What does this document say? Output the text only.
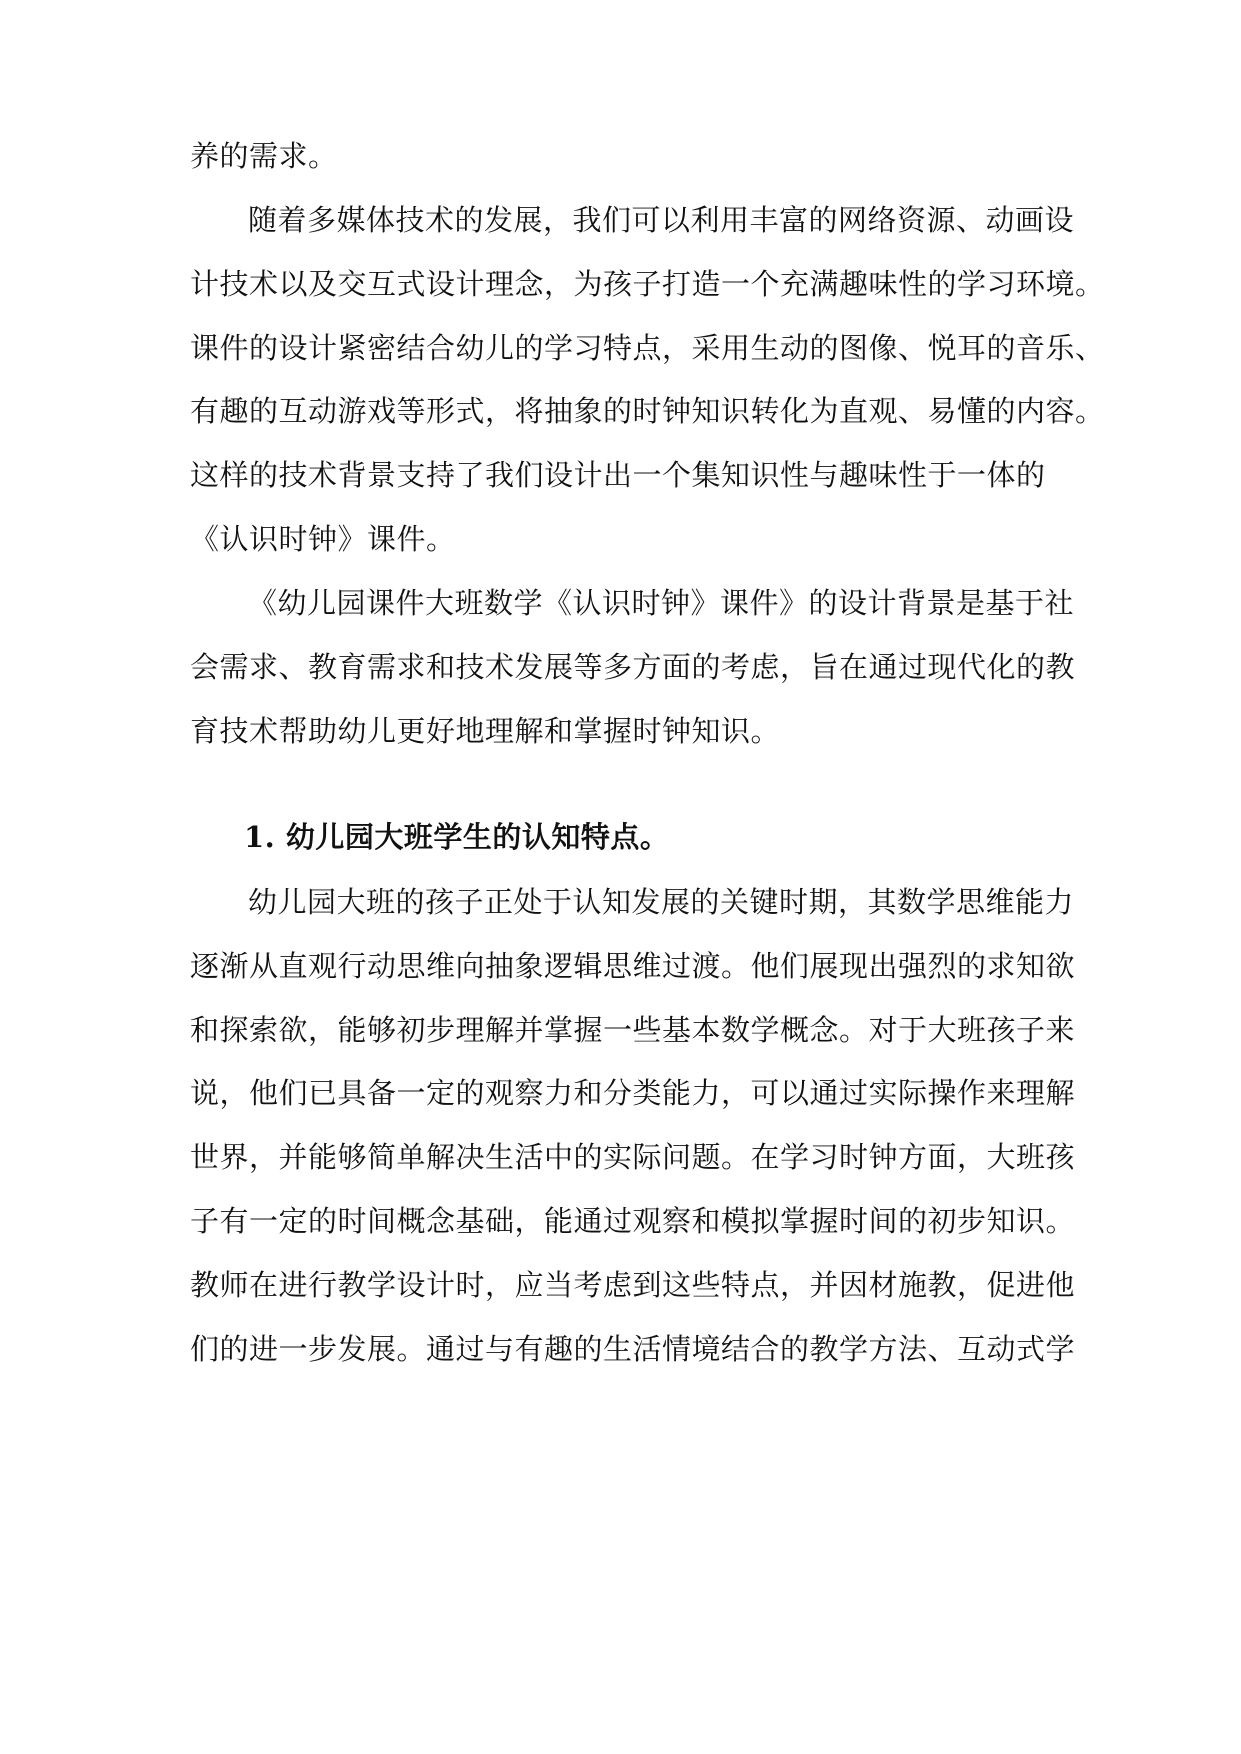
养的需求。

随着多媒体技术的发展，我们可以利用丰富的网络资源、动画设

计技术以及交互式设计理念，为孩子打造一个充满趣味性的学习环境。

课件的设计紧密结合幼儿的学习特点，采用生动的图像、悦耳的音乐、

有趣的互动游戏等形式，将抽象的时钟知识转化为直观、易懂的内容。

这样的技术背景支持了我们设计出一个集知识性与趣味性于一体的

《认识时钟》课件。

《幼儿园课件大班数学《认识时钟》课件》的设计背景是基于社

会需求、教育需求和技术发展等多方面的考虑，旨在通过现代化的教

育技术帮助幼儿更好地理解和掌握时钟知识。

1. 幼儿园大班学生的认知特点。

幼儿园大班的孩子正处于认知发展的关键时期，其数学思维能力

逐渐从直观行动思维向抽象逻辑思维过渡。他们展现出强烈的求知欲

和探索欲，能够初步理解并掌握一些基本数学概念。对于大班孩子来

说，他们已具备一定的观察力和分类能力，可以通过实际操作来理解

世界，并能够简单解决生活中的实际问题。在学习时钟方面，大班孩

子有一定的时间概念基础，能通过观察和模拟掌握时间的初步知识。

教师在进行教学设计时，应当考虑到这些特点，并因材施教，促进他

们的进一步发展。通过与有趣的生活情境结合的教学方法、互动式学
